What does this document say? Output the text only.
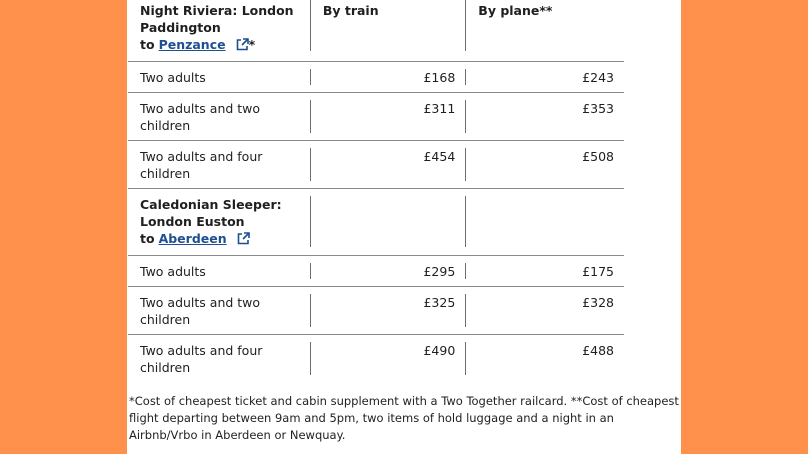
Night Riviera: London Paddington
to Penzance *	By train	By plane**

Two adults	£168	£243

Two adults and two children	£311	£353

Two adults and four children	£454	£508

Caledonian Sleeper: London Euston
to Aberdeen	

Two adults	£295	£175

Two adults and two children	£325	£328

Two adults and four children	£490	£488
*Cost of cheapest ticket and cabin supplement with a Two Together railcard. **Cost of cheapest flight departing between 9am and 5pm, two items of hold luggage and a night in an Airbnb/Vrbo in Aberdeen or Newquay.
